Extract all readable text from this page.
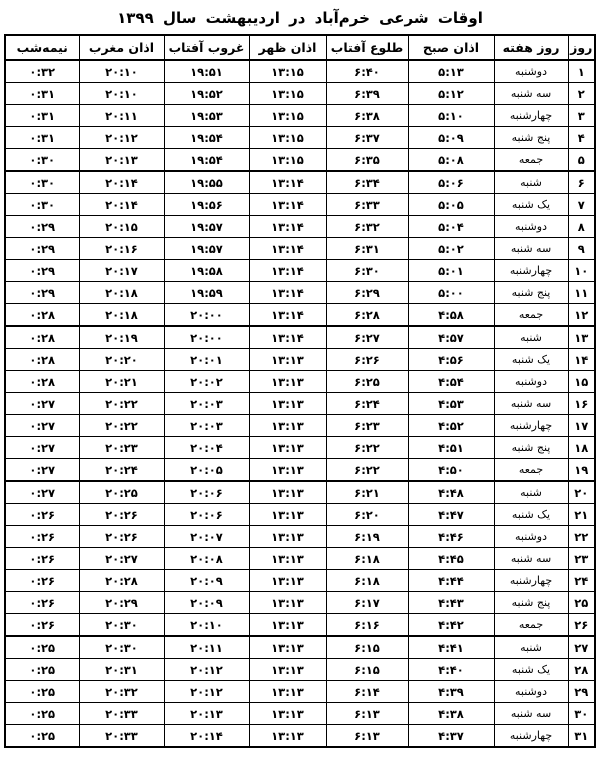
اوقات شرعی خرم‌آباد در اردیبهشت سال ۱۳۹۹
روز	روز هفته	اذان صبح	طلوع آفتاب	اذان ظهر	غروب آفتاب	اذان مغرب	نیمه‌شب
۱	دوشنبه	۵:۱۳	۶:۴۰	۱۳:۱۵	۱۹:۵۱	۲۰:۱۰	۰:۳۲
۲	سه شنبه	۵:۱۲	۶:۳۹	۱۳:۱۵	۱۹:۵۲	۲۰:۱۰	۰:۳۱
۳	چهارشنبه	۵:۱۰	۶:۳۸	۱۳:۱۵	۱۹:۵۳	۲۰:۱۱	۰:۳۱
۴	پنج شنبه	۵:۰۹	۶:۳۷	۱۳:۱۵	۱۹:۵۴	۲۰:۱۲	۰:۳۱
۵	جمعه	۵:۰۸	۶:۳۵	۱۳:۱۵	۱۹:۵۴	۲۰:۱۳	۰:۳۰
۶	شنبه	۵:۰۶	۶:۳۴	۱۳:۱۴	۱۹:۵۵	۲۰:۱۴	۰:۳۰
۷	یک شنبه	۵:۰۵	۶:۳۳	۱۳:۱۴	۱۹:۵۶	۲۰:۱۴	۰:۳۰
۸	دوشنبه	۵:۰۴	۶:۳۲	۱۳:۱۴	۱۹:۵۷	۲۰:۱۵	۰:۲۹
۹	سه شنبه	۵:۰۲	۶:۳۱	۱۳:۱۴	۱۹:۵۷	۲۰:۱۶	۰:۲۹
۱۰	چهارشنبه	۵:۰۱	۶:۳۰	۱۳:۱۴	۱۹:۵۸	۲۰:۱۷	۰:۲۹
۱۱	پنج شنبه	۵:۰۰	۶:۲۹	۱۳:۱۴	۱۹:۵۹	۲۰:۱۸	۰:۲۹
۱۲	جمعه	۴:۵۸	۶:۲۸	۱۳:۱۴	۲۰:۰۰	۲۰:۱۸	۰:۲۸
۱۳	شنبه	۴:۵۷	۶:۲۷	۱۳:۱۴	۲۰:۰۰	۲۰:۱۹	۰:۲۸
۱۴	یک شنبه	۴:۵۶	۶:۲۶	۱۳:۱۳	۲۰:۰۱	۲۰:۲۰	۰:۲۸
۱۵	دوشنبه	۴:۵۴	۶:۲۵	۱۳:۱۳	۲۰:۰۲	۲۰:۲۱	۰:۲۸
۱۶	سه شنبه	۴:۵۳	۶:۲۴	۱۳:۱۳	۲۰:۰۳	۲۰:۲۲	۰:۲۷
۱۷	چهارشنبه	۴:۵۲	۶:۲۳	۱۳:۱۳	۲۰:۰۳	۲۰:۲۲	۰:۲۷
۱۸	پنج شنبه	۴:۵۱	۶:۲۲	۱۳:۱۳	۲۰:۰۴	۲۰:۲۳	۰:۲۷
۱۹	جمعه	۴:۵۰	۶:۲۲	۱۳:۱۳	۲۰:۰۵	۲۰:۲۴	۰:۲۷
۲۰	شنبه	۴:۴۸	۶:۲۱	۱۳:۱۳	۲۰:۰۶	۲۰:۲۵	۰:۲۷
۲۱	یک شنبه	۴:۴۷	۶:۲۰	۱۳:۱۳	۲۰:۰۶	۲۰:۲۶	۰:۲۶
۲۲	دوشنبه	۴:۴۶	۶:۱۹	۱۳:۱۳	۲۰:۰۷	۲۰:۲۶	۰:۲۶
۲۳	سه شنبه	۴:۴۵	۶:۱۸	۱۳:۱۳	۲۰:۰۸	۲۰:۲۷	۰:۲۶
۲۴	چهارشنبه	۴:۴۴	۶:۱۸	۱۳:۱۳	۲۰:۰۹	۲۰:۲۸	۰:۲۶
۲۵	پنج شنبه	۴:۴۳	۶:۱۷	۱۳:۱۳	۲۰:۰۹	۲۰:۲۹	۰:۲۶
۲۶	جمعه	۴:۴۲	۶:۱۶	۱۳:۱۳	۲۰:۱۰	۲۰:۳۰	۰:۲۶
۲۷	شنبه	۴:۴۱	۶:۱۵	۱۳:۱۳	۲۰:۱۱	۲۰:۳۰	۰:۲۵
۲۸	یک شنبه	۴:۴۰	۶:۱۵	۱۳:۱۳	۲۰:۱۲	۲۰:۳۱	۰:۲۵
۲۹	دوشنبه	۴:۳۹	۶:۱۴	۱۳:۱۳	۲۰:۱۲	۲۰:۳۲	۰:۲۵
۳۰	سه شنبه	۴:۳۸	۶:۱۳	۱۳:۱۳	۲۰:۱۳	۲۰:۳۳	۰:۲۵
۳۱	چهارشنبه	۴:۳۷	۶:۱۳	۱۳:۱۳	۲۰:۱۴	۲۰:۳۳	۰:۲۵
